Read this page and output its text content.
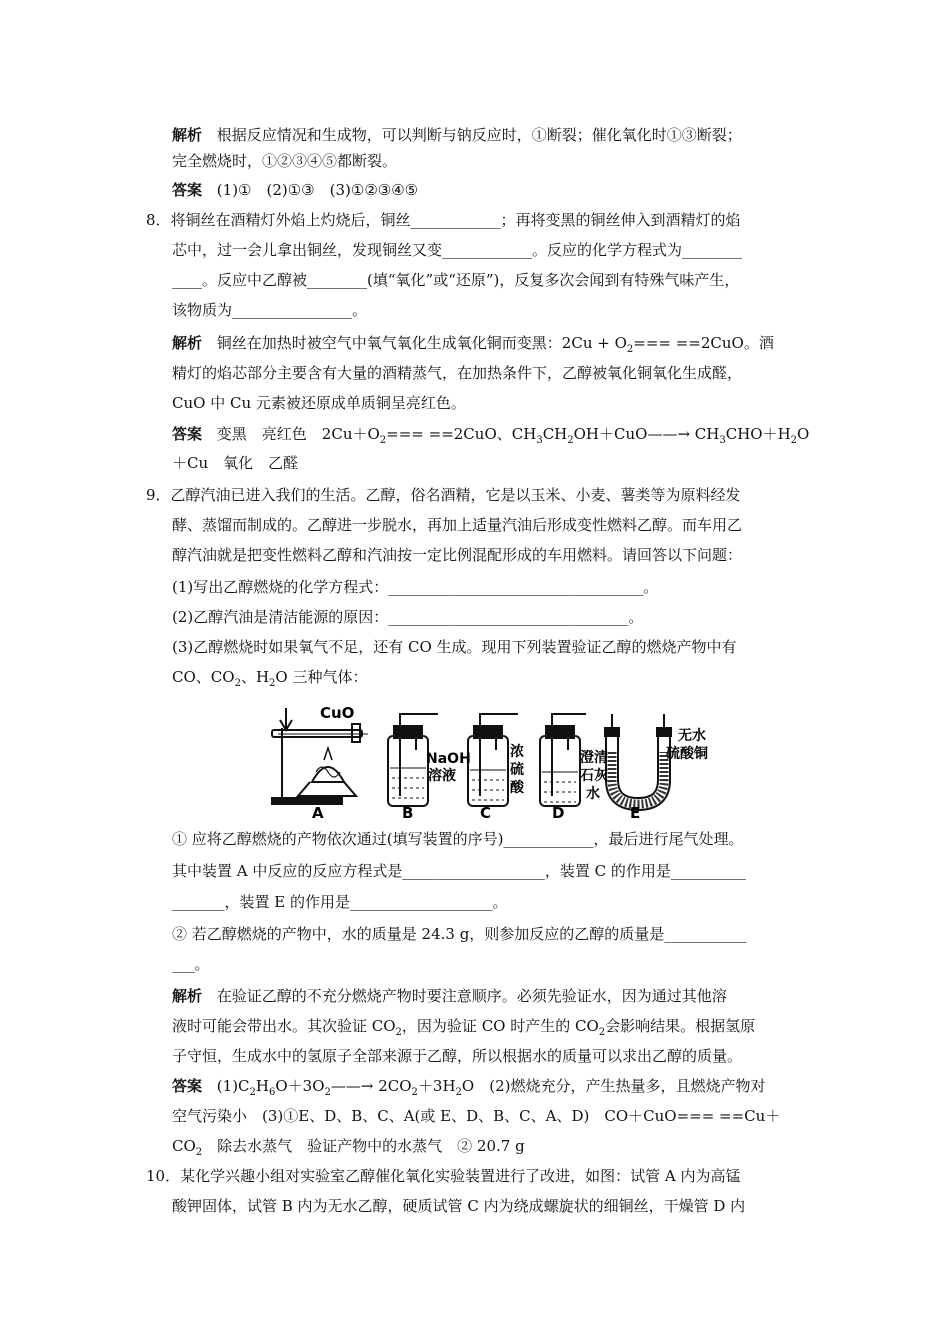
解析 根据反应情况和生成物，可以判断与钠反应时，①断裂；催化氧化时①③断裂；
完全燃烧时，①②③④⑤都断裂。
答案 (1)①　(2)①③　(3)①②③④⑤
8．将铜丝在酒精灯外焰上灼烧后，铜丝____________；再将变黑的铜丝伸入到酒精灯的焰
芯中，过一会儿拿出铜丝，发现铜丝又变____________。反应的化学方程式为________
____。反应中乙醇被________(填“氧化”或“还原”)，反复多次会闻到有特殊气味产生，
该物质为________________。
解析 铜丝在加热时被空气中氧气氧化生成氧化铜而变黑：$2Cu + O_2=== ==2CuO$。酒
精灯的焰芯部分主要含有大量的酒精蒸气，在加热条件下，乙醇被氧化铜氧化生成醛，
CuO 中 Cu 元素被还原成单质铜呈亮红色。
答案 变黑　亮红色　$2Cu+O_2=== ==2CuO$、$CH_3CH_2OH+CuO——\to CH_3CHO+H_2O$
＋Cu　氧化　乙醛
9．乙醇汽油已进入我们的生活。乙醇，俗名酒精，它是以玉米、小麦、薯类等为原料经发
酵、蒸馏而制成的。乙醇进一步脱水，再加上适量汽油后形成变性燃料乙醇。而车用乙
醇汽油就是把变性燃料乙醇和汽油按一定比例混配形成的车用燃料。请回答以下问题：
(1)写出乙醇燃烧的化学方程式：__________________________________。
(2)乙醇汽油是清洁能源的原因：________________________________。
(3)乙醇燃烧时如果氧气不足，还有 CO 生成。现用下列装置验证乙醇的燃烧产物中有
CO、$CO_2$、$H_2O$ 三种气体：
CuO
NaOH
溶液
浓
硫
酸
澄清
石灰
水
无水
硫酸铜
A	B	C	D	E
① 应将乙醇燃烧的产物依次通过(填写装置的序号)____________，最后进行尾气处理。
其中装置 A 中反应的反应方程式是___________________，装置 C 的作用是__________
_______，装置 E 的作用是___________________。
② 若乙醇燃烧的产物中，水的质量是 24.3 g，则参加反应的乙醇的质量是___________
___。
解析 在验证乙醇的不充分燃烧产物时要注意顺序。必须先验证水，因为通过其他溶
液时可能会带出水。其次验证 $CO_2$，因为验证 CO 时产生的 $CO_2$会影响结果。根据氢原
子守恒，生成水中的氢原子全部来源于乙醇，所以根据水的质量可以求出乙醇的质量。
答案 $(1)C_2H_6O+3O_2——\to 2CO_2+3H_2O$　(2)燃烧充分，产生热量多，且燃烧产物对
空气污染小　(3)①E、D、B、C、A(或 E、D、B、C、A、D)　CO＋CuO=== ==Cu＋
$CO_2$　除去水蒸气　验证产物中的水蒸气　② 20.7 g
10．某化学兴趣小组对实验室乙醇催化氧化实验装置进行了改进，如图：试管 A 内为高锰
酸钾固体，试管 B 内为无水乙醇，硬质试管 C 内为绕成螺旋状的细铜丝，干燥管 D 内
